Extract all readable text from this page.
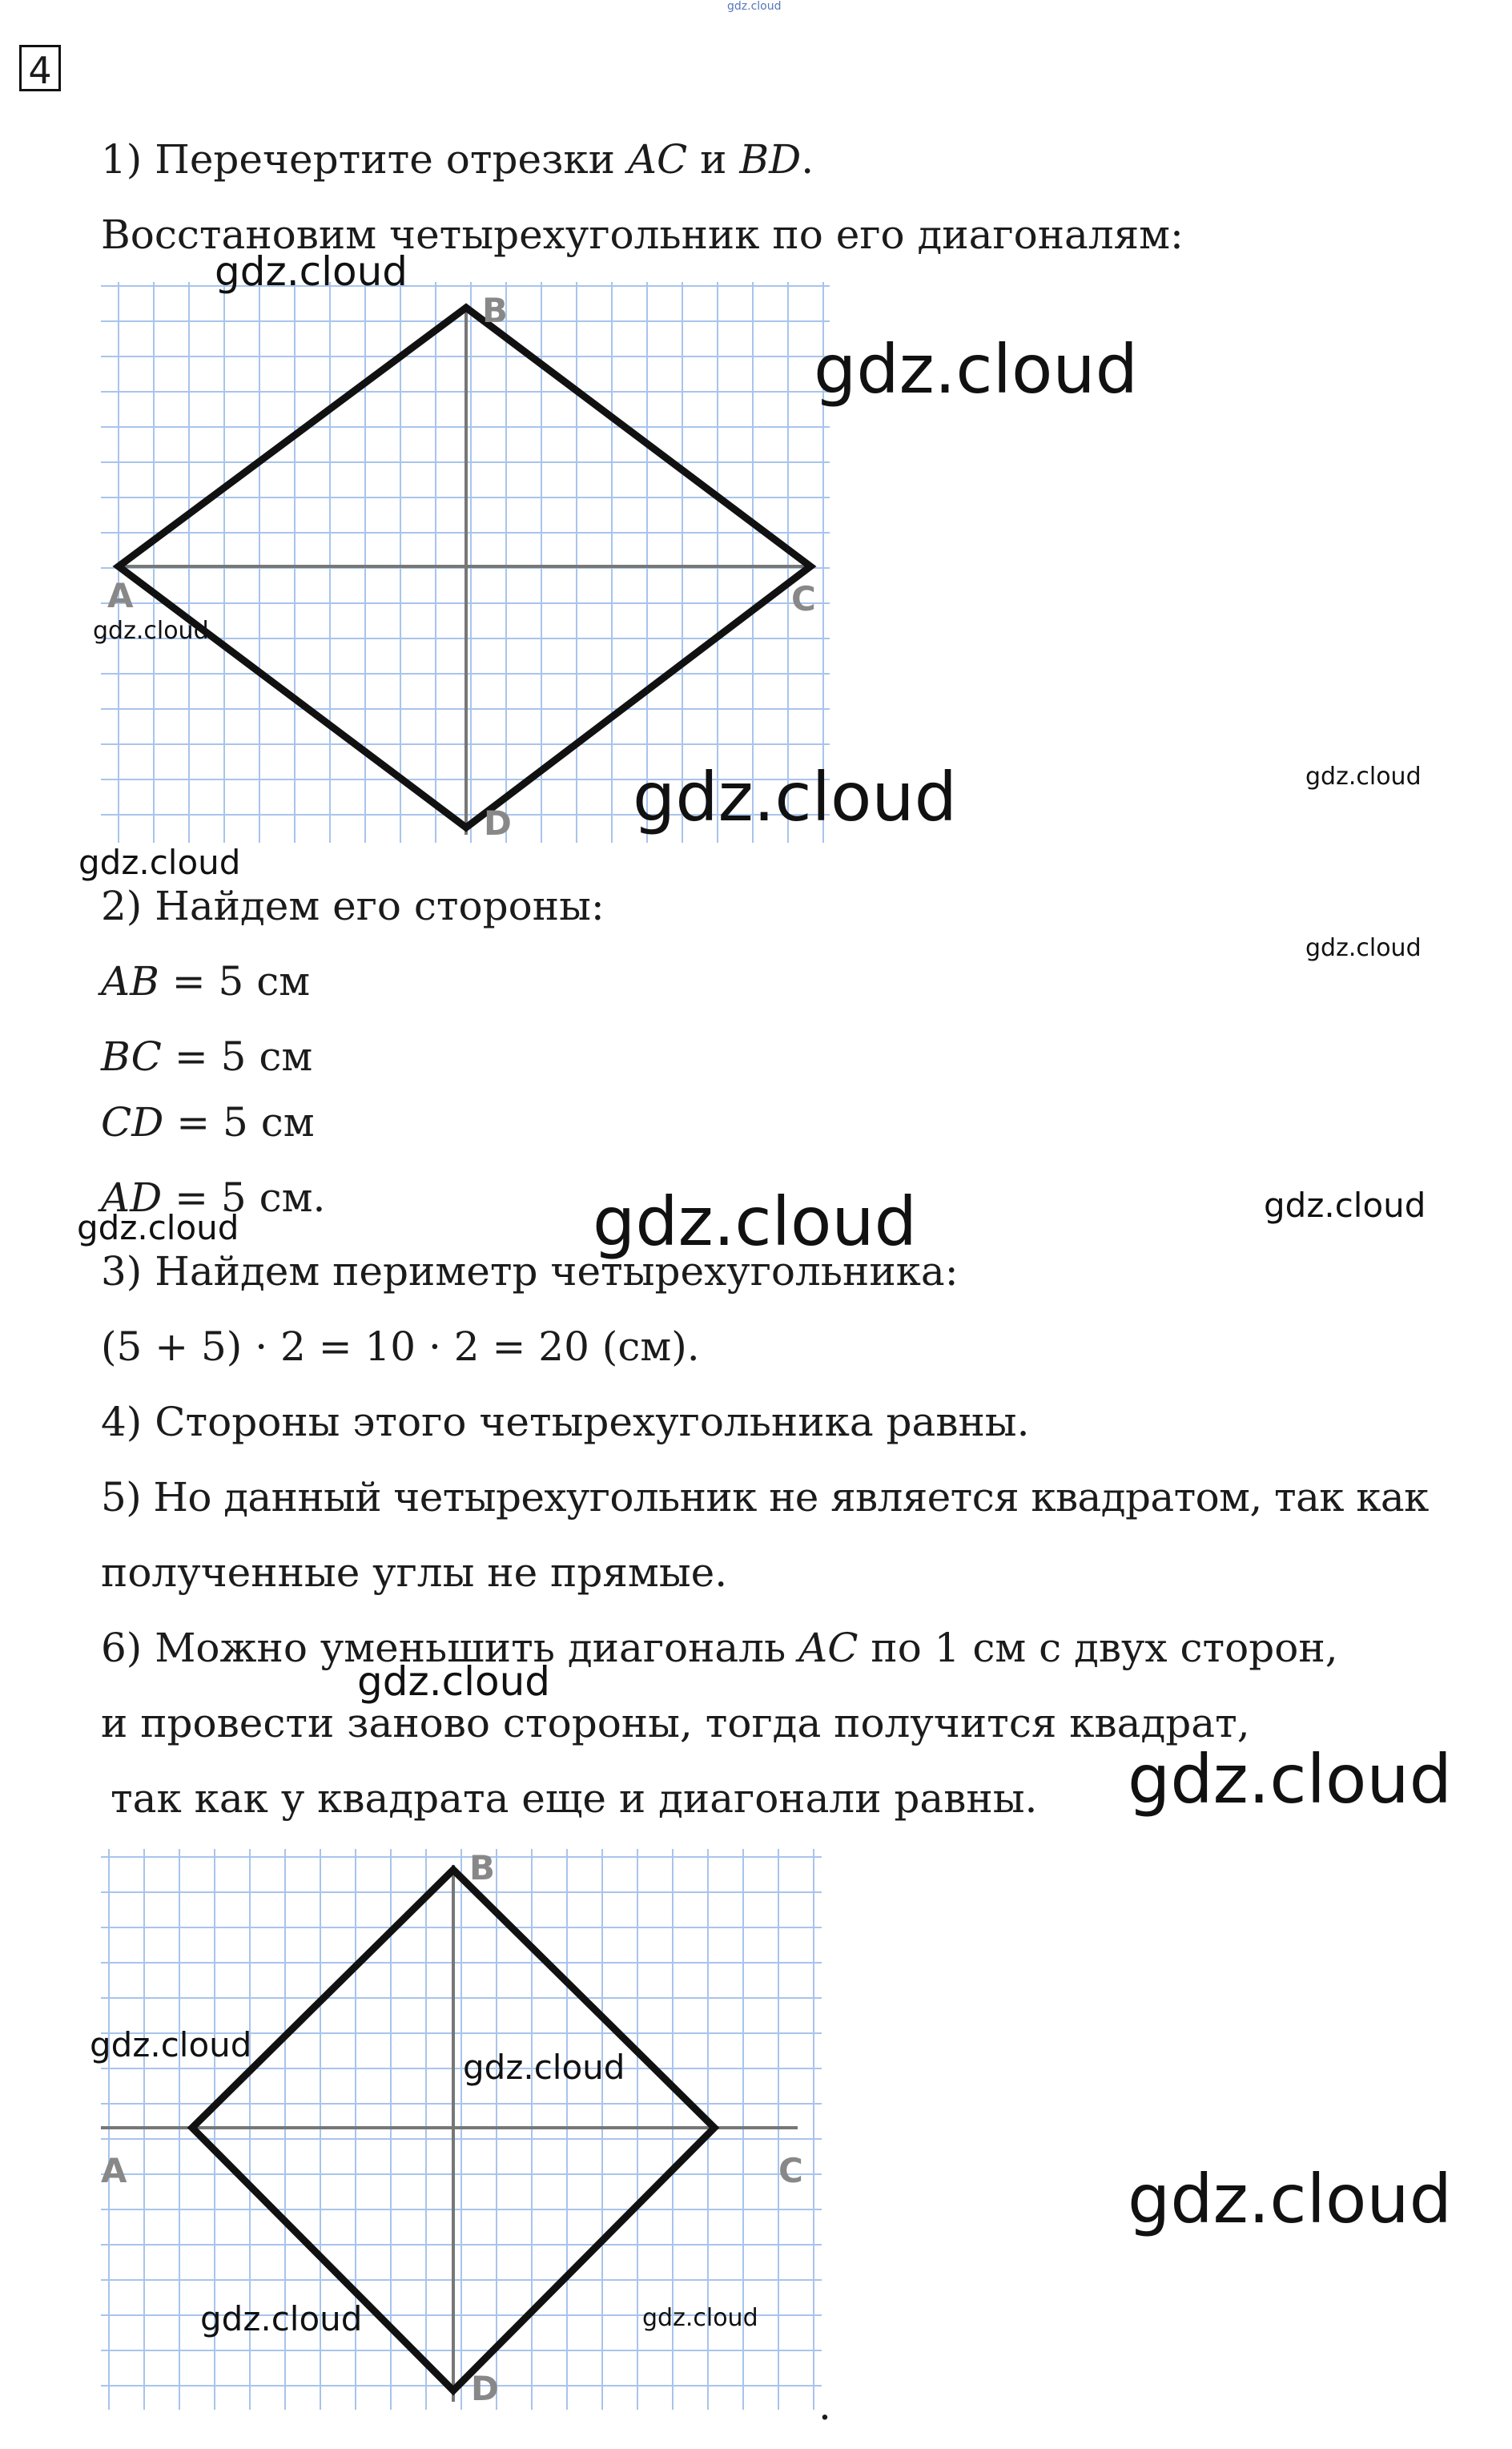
gdz.cloud
4
1) Перечертите отрезки AC и BD.
Восстановим четырехугольник по его диагоналям:
B
A	C
D
2) Найдем его стороны:
AB = 5 см
BC = 5 см
CD = 5 см
AD = 5 см.
3) Найдем периметр четырехугольника:
(5 + 5) · 2 = 10 · 2 = 20 (см).
4) Стороны этого четырехугольника равны.
5) Но данный четырехугольник не является квадратом, так как
полученные углы не прямые.
6) Можно уменьшить диагональ AC по 1 см с двух сторон,
и провести заново стороны, тогда получится квадрат,
так как у квадрата еще и диагонали равны.
B
A	C
D	.
gdz.cloud
gdz.cloud
gdz.cloud
gdz.cloud	gdz.cloud
gdz.cloud
gdz.cloud
gdz.cloud	gdz.cloud
gdz.cloud
gdz.cloud
gdz.cloud
gdz.cloud
gdz.cloud
gdz.cloud
gdz.cloud	gdz.cloud
gdz.cloud
